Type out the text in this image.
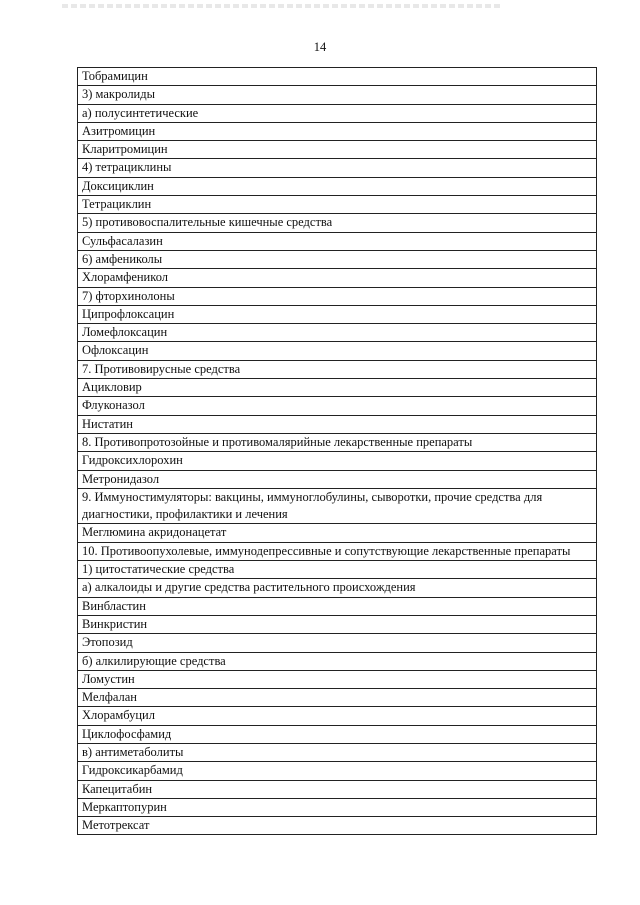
14
Тобрамицин
3) макролиды
а) полусинтетические
Азитромицин
Кларитромицин
4) тетрациклины
Доксициклин
Тетрациклин
5) противовоспалительные кишечные средства
Сульфасалазин
6) амфениколы
Хлорамфеникол
7) фторхинолоны
Ципрофлоксацин
Ломефлоксацин
Офлоксацин
7. Противовирусные средства
Ацикловир
Флуконазол
Нистатин
8. Противопротозойные и противомалярийные лекарственные препараты
Гидроксихлорохин
Метронидазол
9. Иммуностимуляторы: вакцины, иммуноглобулины, сыворотки, прочие средства для диагностики, профилактики и лечения
Меглюмина акридонацетат
10. Противоопухолевые, иммунодепрессивные и сопутствующие лекарственные препараты
1) цитостатические средства
а) алкалоиды и другие средства растительного происхождения
Винбластин
Винкристин
Этопозид
б) алкилирующие средства
Ломустин
Мелфалан
Хлорамбуцил
Циклофосфамид
в) антиметаболиты
Гидроксикарбамид
Капецитабин
Меркаптопурин
Метотрексат
